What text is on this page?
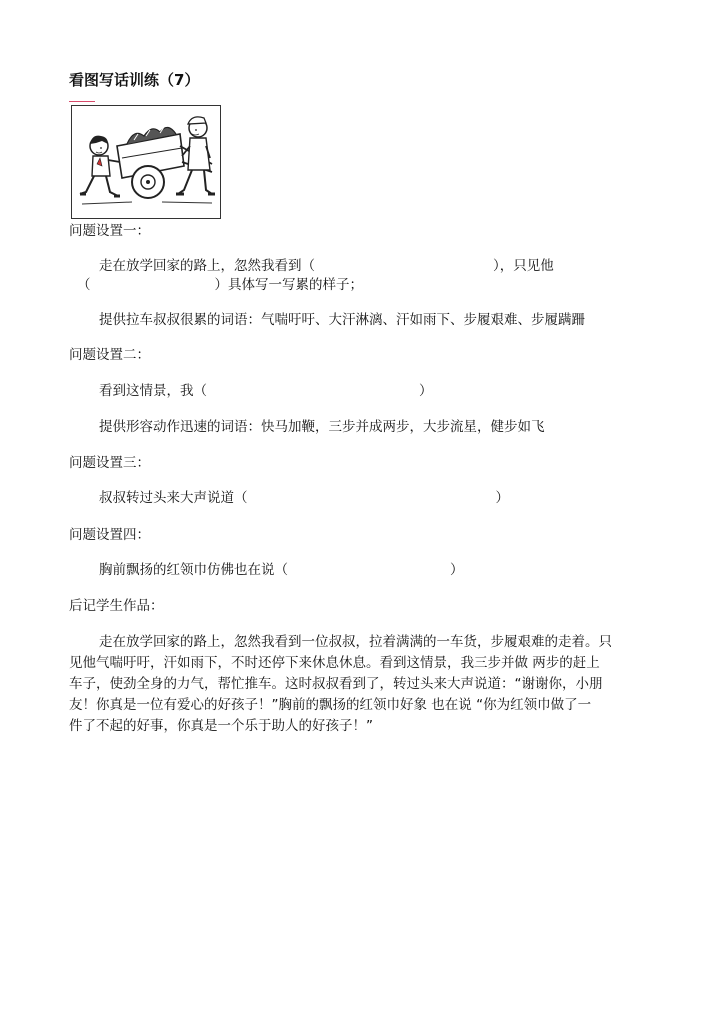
看图写话训练（7）
问题设置一：
走在放学回家的路上，忽然我看到（	），只见他
（	）具体写一写累的样子；
提供拉车叔叔很累的词语：气喘吁吁、大汗淋漓、汗如雨下、步履艰难、步履蹒跚
问题设置二：
看到这情景，我（	）
提供形容动作迅速的词语：快马加鞭，三步并成两步，大步流星，健步如飞
问题设置三：
叔叔转过头来大声说道（	）
问题设置四：
胸前飘扬的红领巾仿佛也在说（	）
后记学生作品：
走在放学回家的路上，忽然我看到一位叔叔，拉着满满的一车货，步履艰难的走着。只
见他气喘吁吁，汗如雨下，不时还停下来休息休息。看到这情景，我三步并做 两步的赶上
车子，使劲全身的力气，帮忙推车。这时叔叔看到了，转过头来大声说道：“谢谢你，小朋
友！你真是一位有爱心的好孩子！”胸前的飘扬的红领巾好象 也在说 “你为红领巾做了一
件了不起的好事，你真是一个乐于助人的好孩子！”
